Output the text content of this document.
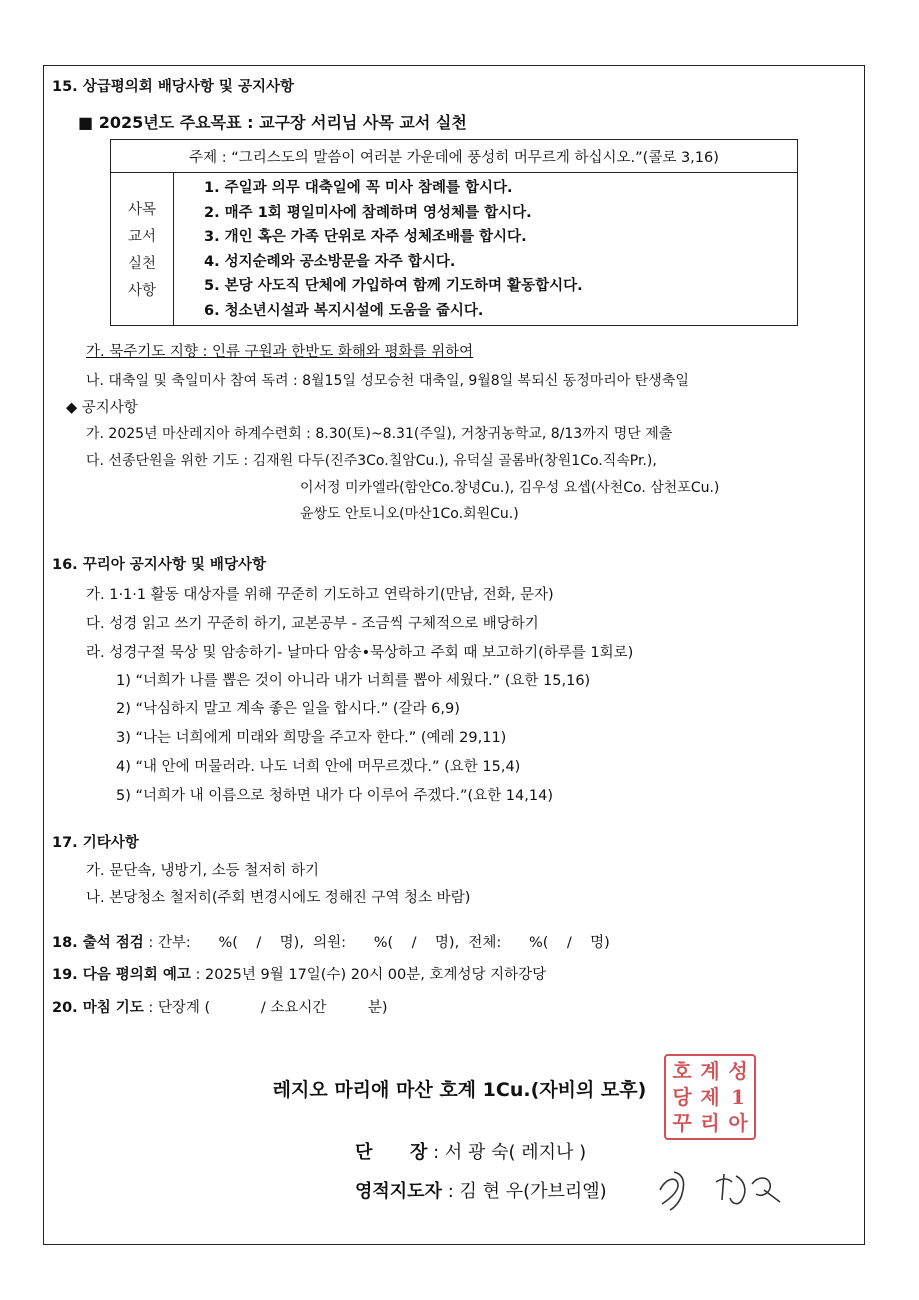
15. 상급평의회 배당사항 및 공지사항
■ 2025년도 주요목표 : 교구장 서리님 사목 교서 실천
주제 : “그리스도의 말씀이 여러분 가운데에 풍성히 머무르게 하십시오.”(콜로 3,16)

사목
교서
실천
사항

1. 주일과 의무 대축일에 꼭 미사 참례를 합시다.
2. 매주 1회 평일미사에 참례하며 영성체를 합시다.
3. 개인 혹은 가족 단위로 자주 성체조배를 합시다.
4. 성지순례와 공소방문을 자주 합시다.
5. 본당 사도직 단체에 가입하여 함께 기도하며 활동합시다.
6. 청소년시설과 복지시설에 도움을 줍시다.
가. 묵주기도 지향 : 인류 구원과 한반도 화해와 평화를 위하여
나. 대축일 및 축일미사 참여 독려 : 8월15일 성모승천 대축일, 9월8일 복되신 동정마리아 탄생축일
◆ 공지사항
가. 2025년 마산레지아 하계수련회 : 8.30(토)~8.31(주일), 거창귀농학교, 8/13까지 명단 제출
다. 선종단원을 위한 기도 : 김재원 다두(진주3Co.칠암Cu.), 유덕실 골롬바(창원1Co.직속Pr.),
이서정 미카엘라(함안Co.창녕Cu.), 김우성 요셉(사천Co. 삼천포Cu.)
윤쌍도 안토니오(마산1Co.회원Cu.)
16. 꾸리아 공지사항 및 배당사항
가. 1·1·1 활동 대상자를 위해 꾸준히 기도하고 연락하기(만남, 전화, 문자)
다. 성경 읽고 쓰기 꾸준히 하기, 교본공부 - 조금씩 구체적으로 배당하기
라. 성경구절 묵상 및 암송하기- 날마다 암송•묵상하고 주회 때 보고하기(하루를 1회로)
1) “너희가 나를 뽑은 것이 아니라 내가 너희를 뽑아 세웠다.” (요한 15,16)
2) “낙심하지 말고 계속 좋은 일을 합시다.” (갈라 6,9)
3) “나는 너희에게 미래와 희망을 주고자 한다.” (예레 29,11)
4) “내 안에 머물러라. 나도 너희 안에 머무르겠다.” (요한 15,4)
5) “너희가 내 이름으로 청하면 내가 다 이루어 주겠다.”(요한 14,14)
17. 기타사항
가. 문단속, 냉방기, 소등 철저히 하기
나. 본당청소 철저히(주회 변경시에도 정해진 구역 청소 바람)
18. 출석 점검 : 간부:      %(    /    명),  의원:      %(    /    명),  전체:      %(    /    명)
19. 다음 평의회 예고 : 2025년 9월 17일(수) 20시 00분, 호계성당 지하강당
20. 마침 기도 : 단장계 (           / 소요시간         분)
레지오 마리애 마산 호계 1Cu.(자비의 모후)
호 계 성
당 제 1
꾸 리 아
단      장 : 서 광 숙( 레지나 )
영적지도자 : 김 현 우(가브리엘)
